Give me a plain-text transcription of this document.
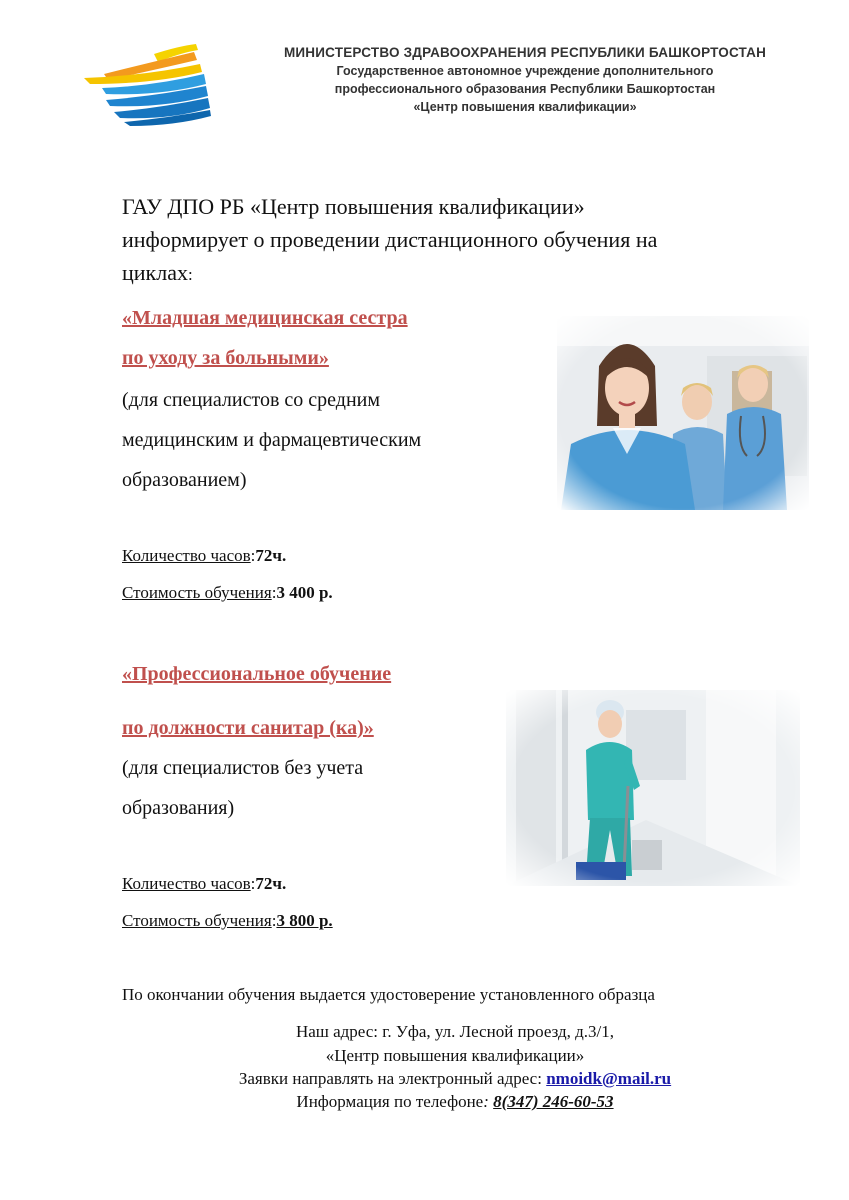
МИНИСТЕРСТВО ЗДРАВООХРАНЕНИЯ РЕСПУБЛИКИ БАШКОРТОСТАН
Государственное автономное учреждение дополнительного
профессионального образования Республики Башкортостан
«Центр повышения квалификации»
ГАУ ДПО РБ «Центр повышения квалификации»
информирует о проведении дистанционного обучения на
циклах:
«Младшая медицинская сестра
по уходу за больными»
(для специалистов со средним
медицинским и фармацевтическим
образованием)
Количество часов:72ч.
Стоимость обучения:3 400 р.
«Профессиональное обучение
по должности санитар (ка)»
(для специалистов без учета
образования)
Количество часов:72ч.
Стоимость обучения:3 800 р.
По окончании обучения выдается удостоверение установленного образца
Наш адрес: г. Уфа, ул. Лесной проезд, д.3/1,
«Центр повышения квалификации»
Заявки направлять на электронный адрес: nmoidk@mail.ru
Информация по телефоне: 8(347) 246-60-53
